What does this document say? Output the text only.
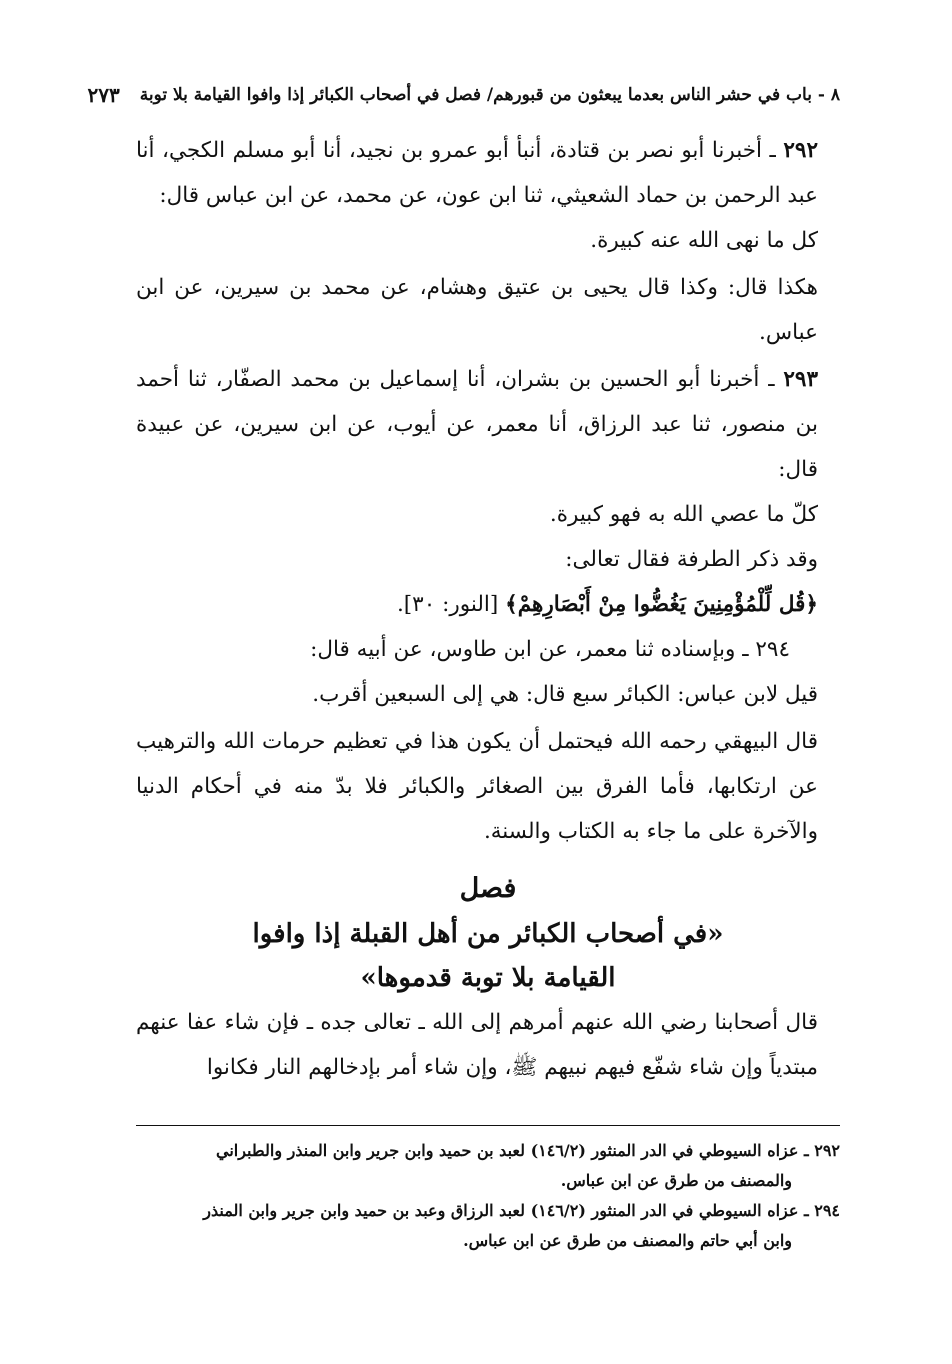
٨ - باب في حشر الناس بعدما يبعثون من قبورهم/ فصل في أصحاب الكبائر إذا وافوا القيامة بلا توبة
٢٧٣

٢٩٢ ـ أخبرنا أبو نصر بن قتادة، أنبأ أبو عمرو بن نجيد، أنا أبو مسلم الكجي، أنا عبد الرحمن بن حماد الشعيثي، ثنا ابن عون، عن محمد، عن ابن عباس قال:

كل ما نهى الله عنه كبيرة.

هكذا قال: وكذا قال يحيى بن عتيق وهشام، عن محمد بن سيرين، عن ابن عباس.

٢٩٣ ـ أخبرنا أبو الحسين بن بشران، أنا إسماعيل بن محمد الصفّار، ثنا أحمد بن منصور، ثنا عبد الرزاق، أنا معمر، عن أيوب، عن ابن سيرين، عن عبيدة قال:

كلّ ما عصي الله به فهو كبيرة.

وقد ذكر الطرفة فقال تعالى:

﴿قُل لِّلْمُؤْمِنِينَ يَغُضُّوا مِنْ أَبْصَارِهِمْ﴾ [النور: ٣٠].

٢٩٤ ـ وبإسناده ثنا معمر، عن ابن طاوس، عن أبيه قال:

قيل لابن عباس: الكبائر سبع قال: هي إلى السبعين أقرب.

قال البيهقي رحمه الله فيحتمل أن يكون هذا في تعظيم حرمات الله والترهيب عن ارتكابها، فأما الفرق بين الصغائر والكبائر فلا بدّ منه في أحكام الدنيا والآخرة على ما جاء به الكتاب والسنة.

فصل
«في أصحاب الكبائر من أهل القبلة إذا وافوا
القيامة بلا توبة قدموها»

قال أصحابنا رضي الله عنهم أمرهم إلى الله ـ تعالى جده ـ فإن شاء عفا عنهم مبتدياً وإن شاء شفّع فيهم نبيهم ﷺ، وإن شاء أمر بإدخالهم النار فكانوا

٢٩٢ ـ عزاه السيوطي في الدر المنثور (١٤٦/٢) لعبد بن حميد وابن جرير وابن المنذر والطبراني

والمصنف من طرق عن ابن عباس.

٢٩٤ ـ عزاه السيوطي في الدر المنثور (١٤٦/٢) لعبد الرزاق وعبد بن حميد وابن جرير وابن المنذر

وابن أبي حاتم والمصنف من طرق عن ابن عباس.
